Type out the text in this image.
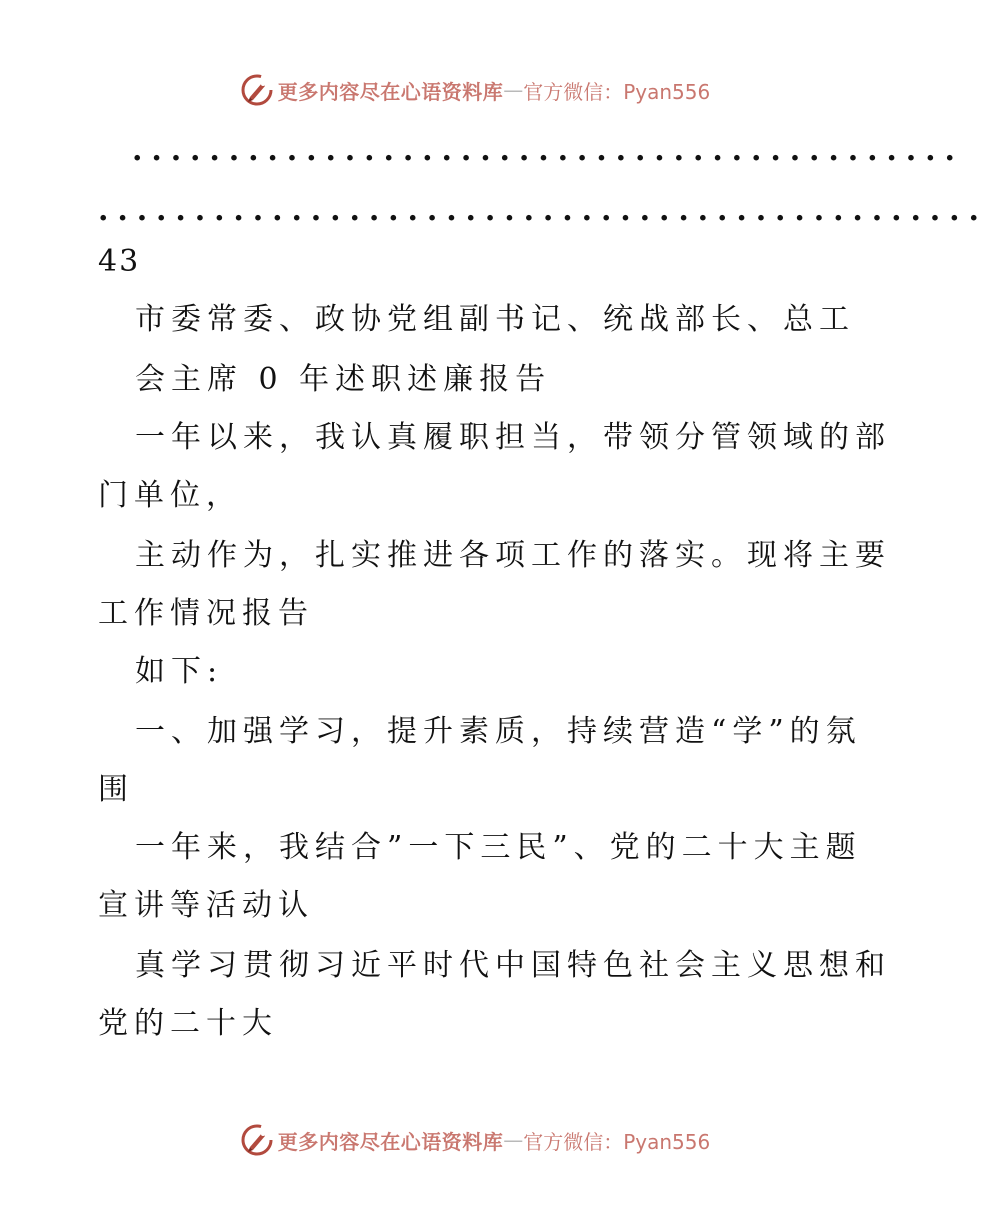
更多内容尽在心语资料库 — 官方微信：Pyan556
...........................................
..............................................
43
市委常委、政协党组副书记、统战部长、总工
会主席 0 年述职述廉报告
一年以来，我认真履职担当，带领分管领域的部
门单位，
主动作为，扎实推进各项工作的落实。现将主要
工作情况报告
如下:
一、加强学习，提升素质，持续营造“学”的氛
围
一年来，我结合”一下三民”、党的二十大主题
宣讲等活动认
真学习贯彻习近平时代中国特色社会主义思想和
党的二十大
更多内容尽在心语资料库 — 官方微信：Pyan556
